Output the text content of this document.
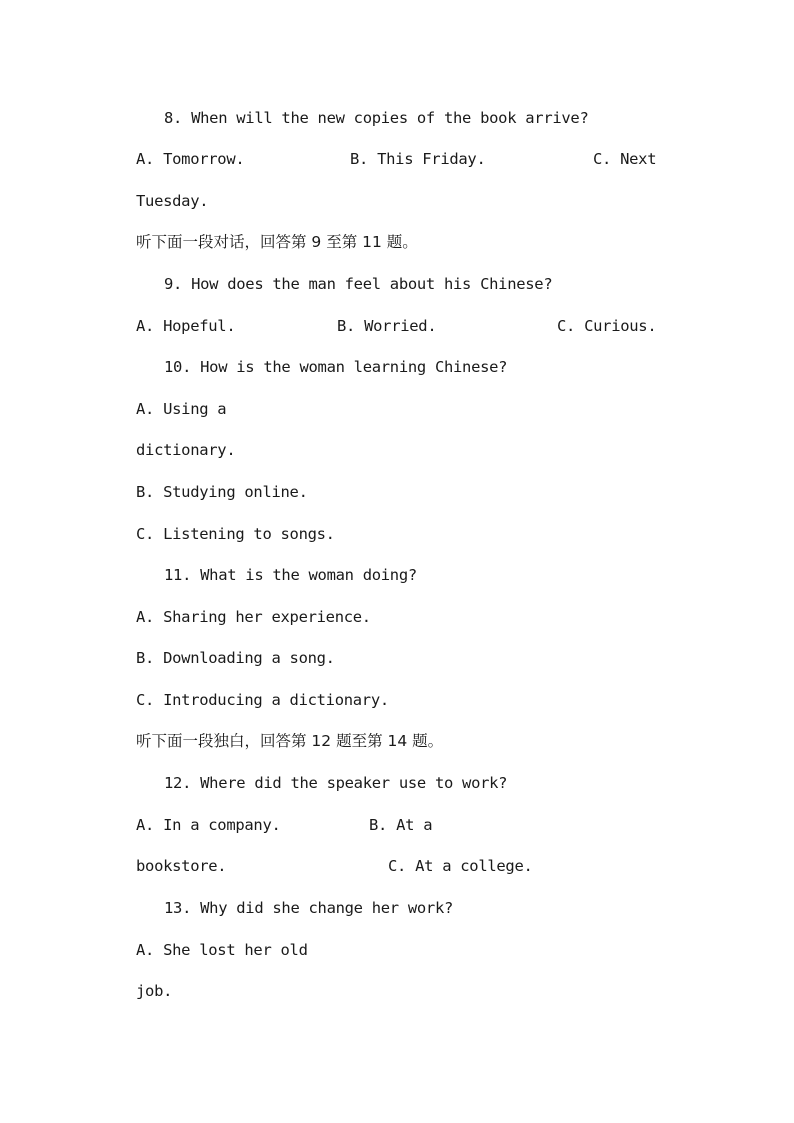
8. When will the new copies of the book arrive?
A. Tomorrow.	B. This Friday.	C. Next
Tuesday.
听下面一段对话，回答第 9 至第 11 题。
9. How does the man feel about his Chinese?
A. Hopeful.	B. Worried.	C. Curious.
10. How is the woman learning Chinese?
A. Using a
dictionary.
B. Studying online.
C. Listening to songs.
11. What is the woman doing?
A. Sharing her experience.
B. Downloading a song.
C. Introducing a dictionary.
听下面一段独白，回答第 12 题至第 14 题。
12. Where did the speaker use to work?
A. In a company.	B. At a
bookstore.	C. At a college.
13. Why did she change her work?
A. She lost her old
job.
